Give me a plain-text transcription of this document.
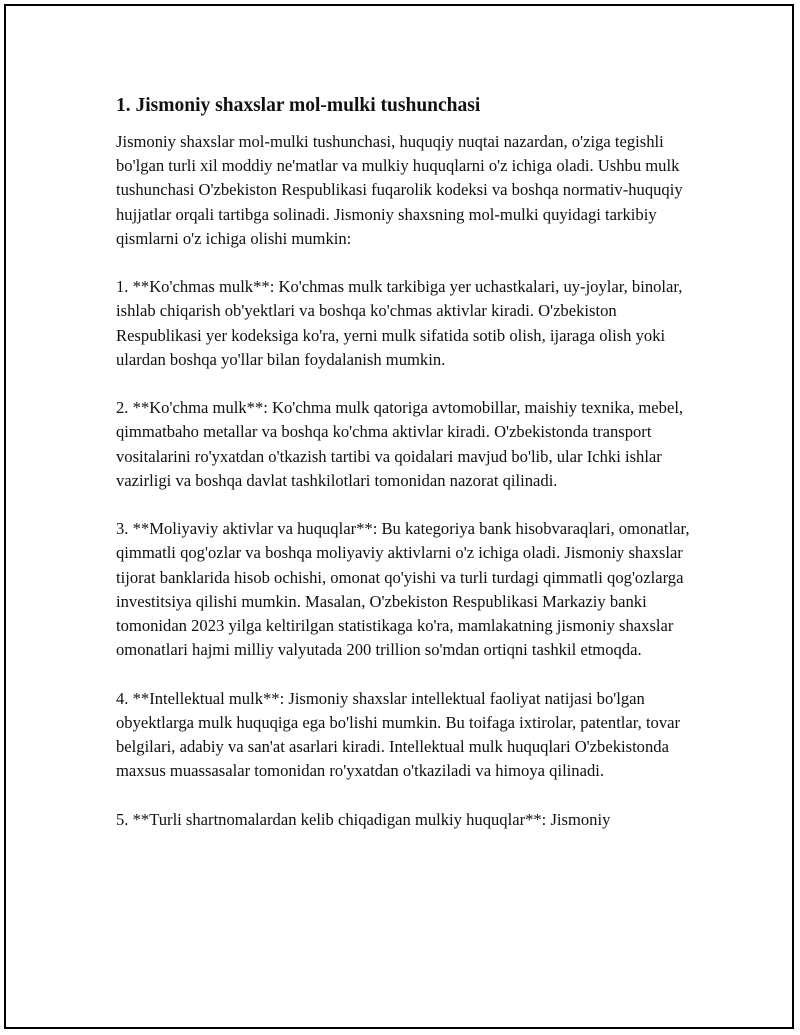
1. Jismoniy shaxslar mol-mulki tushunchasi

Jismoniy shaxslar mol-mulki tushunchasi, huquqiy nuqtai nazardan, o'ziga tegishli bo'lgan turli xil moddiy ne'matlar va mulkiy huquqlarni o'z ichiga oladi. Ushbu mulk tushunchasi O'zbekiston Respublikasi fuqarolik kodeksi va boshqa normativ-huquqiy hujjatlar orqali tartibga solinadi. Jismoniy shaxsning mol-mulki quyidagi tarkibiy qismlarni o'z ichiga olishi mumkin:

1. **Ko'chmas mulk**: Ko'chmas mulk tarkibiga yer uchastkalari, uy-joylar, binolar, ishlab chiqarish ob'yektlari va boshqa ko'chmas aktivlar kiradi. O'zbekiston Respublikasi yer kodeksiga ko'ra, yerni mulk sifatida sotib olish, ijaraga olish yoki ulardan boshqa yo'llar bilan foydalanish mumkin.

2. **Ko'chma mulk**: Ko'chma mulk qatoriga avtomobillar, maishiy texnika, mebel, qimmatbaho metallar va boshqa ko'chma aktivlar kiradi. O'zbekistonda transport vositalarini ro'yxatdan o'tkazish tartibi va qoidalari mavjud bo'lib, ular Ichki ishlar vazirligi va boshqa davlat tashkilotlari tomonidan nazorat qilinadi.

3. **Moliyaviy aktivlar va huquqlar**: Bu kategoriya bank hisobvaraqlari, omonatlar, qimmatli qog'ozlar va boshqa moliyaviy aktivlarni o'z ichiga oladi. Jismoniy shaxslar tijorat banklarida hisob ochishi, omonat qo'yishi va turli turdagi qimmatli qog'ozlarga investitsiya qilishi mumkin. Masalan, O'zbekiston Respublikasi Markaziy banki tomonidan 2023 yilga keltirilgan statistikaga ko'ra, mamlakatning jismoniy shaxslar omonatlari hajmi milliy valyutada 200 trillion so'mdan ortiqni tashkil etmoqda.

4. **Intellektual mulk**: Jismoniy shaxslar intellektual faoliyat natijasi bo'lgan obyektlarga mulk huquqiga ega bo'lishi mumkin. Bu toifaga ixtirolar, patentlar, tovar belgilari, adabiy va san'at asarlari kiradi. Intellektual mulk huquqlari O'zbekistonda maxsus muassasalar tomonidan ro'yxatdan o'tkaziladi va himoya qilinadi.

5. **Turli shartnomalardan kelib chiqadigan mulkiy huquqlar**: Jismoniy
